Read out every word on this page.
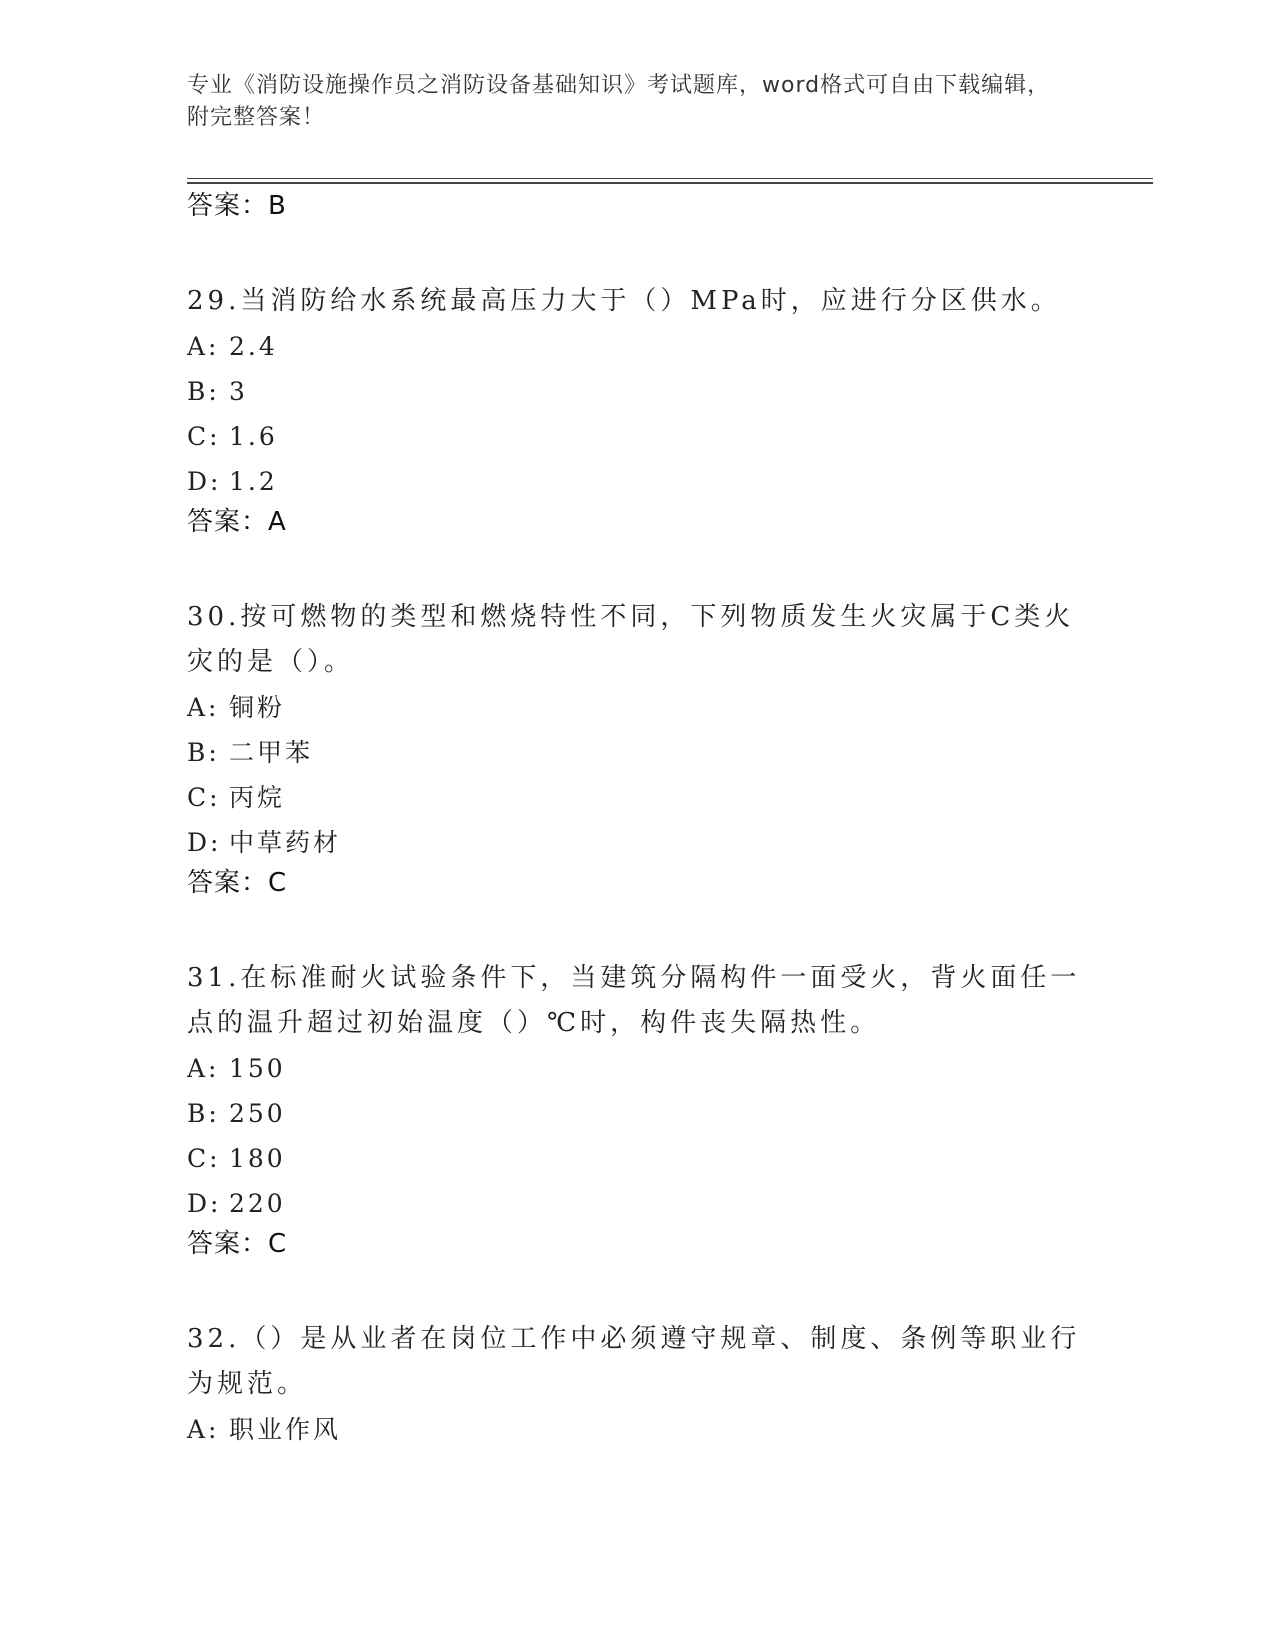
专业《消防设施操作员之消防设备基础知识》考试题库，word格式可自由下载编辑，附完整答案！
答案：B
29.当消防给水系统最高压力大于（）MPa时，应进行分区供水。
A: 2.4
B: 3
C: 1.6
D: 1.2
答案：A
30.按可燃物的类型和燃烧特性不同，下列物质发生火灾属于C类火灾的是（）。
A: 铜粉
B: 二甲苯
C: 丙烷
D: 中草药材
答案：C
31.在标准耐火试验条件下，当建筑分隔构件一面受火，背火面任一点的温升超过初始温度（）℃时，构件丧失隔热性。
A: 150
B: 250
C: 180
D: 220
答案：C
32.（）是从业者在岗位工作中必须遵守规章、制度、条例等职业行为规范。
A: 职业作风
